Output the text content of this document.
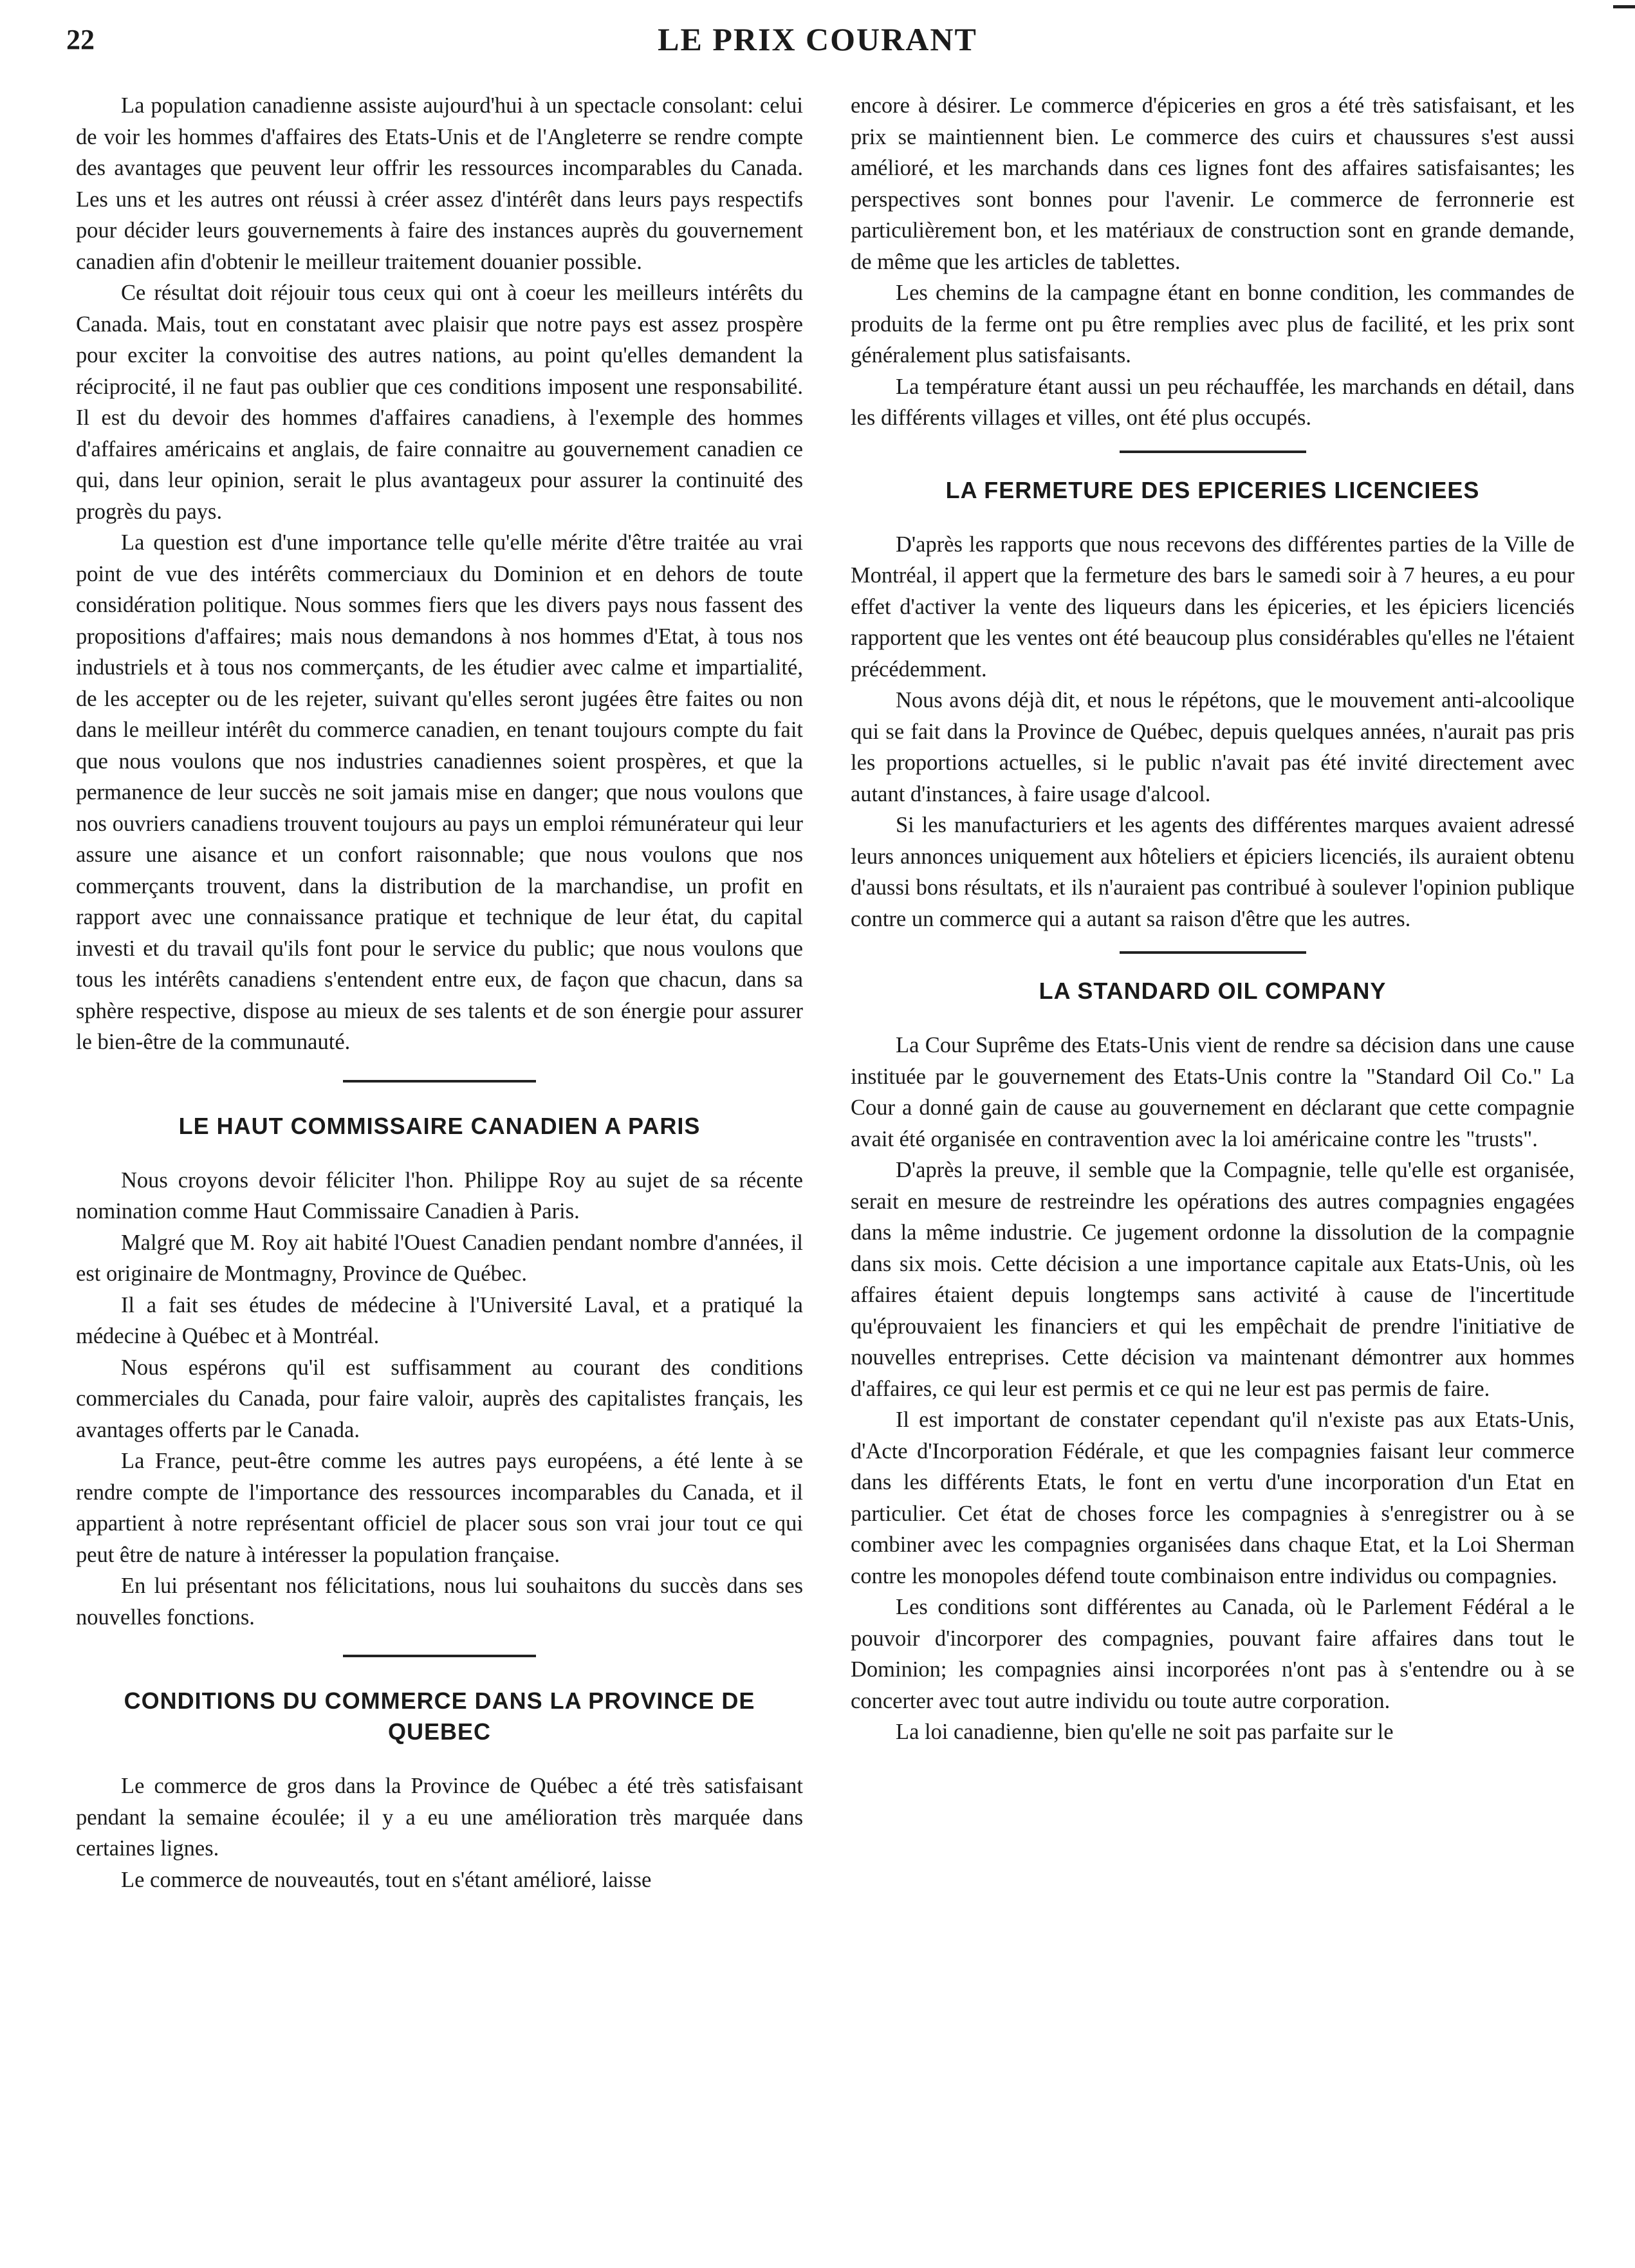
22	LE PRIX COURANT

La population canadienne assiste aujourd'hui à un spectacle consolant: celui de voir les hommes d'affaires des Etats-Unis et de l'Angleterre se rendre compte des avantages que peuvent leur offrir les ressources incomparables du Canada. Les uns et les autres ont réussi à créer assez d'intérêt dans leurs pays respectifs pour décider leurs gouvernements à faire des instances auprès du gouvernement canadien afin d'obtenir le meilleur traitement douanier possible.

Ce résultat doit réjouir tous ceux qui ont à coeur les meilleurs intérêts du Canada. Mais, tout en constatant avec plaisir que notre pays est assez prospère pour exciter la convoitise des autres nations, au point qu'elles demandent la réciprocité, il ne faut pas oublier que ces conditions imposent une responsabilité. Il est du devoir des hommes d'affaires canadiens, à l'exemple des hommes d'affaires américains et anglais, de faire connaitre au gouvernement canadien ce qui, dans leur opinion, serait le plus avantageux pour assurer la continuité des progrès du pays.

La question est d'une importance telle qu'elle mérite d'être traitée au vrai point de vue des intérêts commerciaux du Dominion et en dehors de toute considération politique. Nous sommes fiers que les divers pays nous fassent des propositions d'affaires; mais nous demandons à nos hommes d'Etat, à tous nos industriels et à tous nos commerçants, de les étudier avec calme et impartialité, de les accepter ou de les rejeter, suivant qu'elles seront jugées être faites ou non dans le meilleur intérêt du commerce canadien, en tenant toujours compte du fait que nous voulons que nos industries canadiennes soient prospères, et que la permanence de leur succès ne soit jamais mise en danger; que nous voulons que nos ouvriers canadiens trouvent toujours au pays un emploi rémunérateur qui leur assure une aisance et un confort raisonnable; que nous voulons que nos commerçants trouvent, dans la distribution de la marchandise, un profit en rapport avec une connaissance pratique et technique de leur état, du capital investi et du travail qu'ils font pour le service du public; que nous voulons que tous les intérêts canadiens s'entendent entre eux, de façon que chacun, dans sa sphère respective, dispose au mieux de ses talents et de son énergie pour assurer le bien-être de la communauté.

LE HAUT COMMISSAIRE CANADIEN A PARIS

Nous croyons devoir féliciter l'hon. Philippe Roy au sujet de sa récente nomination comme Haut Commissaire Canadien à Paris.

Malgré que M. Roy ait habité l'Ouest Canadien pendant nombre d'années, il est originaire de Montmagny, Province de Québec.

Il a fait ses études de médecine à l'Université Laval, et a pratiqué la médecine à Québec et à Montréal.

Nous espérons qu'il est suffisamment au courant des conditions commerciales du Canada, pour faire valoir, auprès des capitalistes français, les avantages offerts par le Canada.

La France, peut-être comme les autres pays européens, a été lente à se rendre compte de l'importance des ressources incomparables du Canada, et il appartient à notre représentant officiel de placer sous son vrai jour tout ce qui peut être de nature à intéresser la population française.

En lui présentant nos félicitations, nous lui souhaitons du succès dans ses nouvelles fonctions.

CONDITIONS DU COMMERCE DANS LA PROVINCE DE QUEBEC

Le commerce de gros dans la Province de Québec a été très satisfaisant pendant la semaine écoulée; il y a eu une amélioration très marquée dans certaines lignes.

Le commerce de nouveautés, tout en s'étant amélioré, laisse

encore à désirer. Le commerce d'épiceries en gros a été très satisfaisant, et les prix se maintiennent bien. Le commerce des cuirs et chaussures s'est aussi amélioré, et les marchands dans ces lignes font des affaires satisfaisantes; les perspectives sont bonnes pour l'avenir. Le commerce de ferronnerie est particulièrement bon, et les matériaux de construction sont en grande demande, de même que les articles de tablettes.

Les chemins de la campagne étant en bonne condition, les commandes de produits de la ferme ont pu être remplies avec plus de facilité, et les prix sont généralement plus satisfaisants.

La température étant aussi un peu réchauffée, les marchands en détail, dans les différents villages et villes, ont été plus occupés.

LA FERMETURE DES EPICERIES LICENCIEES

D'après les rapports que nous recevons des différentes parties de la Ville de Montréal, il appert que la fermeture des bars le samedi soir à 7 heures, a eu pour effet d'activer la vente des liqueurs dans les épiceries, et les épiciers licenciés rapportent que les ventes ont été beaucoup plus considérables qu'elles ne l'étaient précédemment.

Nous avons déjà dit, et nous le répétons, que le mouvement anti-alcoolique qui se fait dans la Province de Québec, depuis quelques années, n'aurait pas pris les proportions actuelles, si le public n'avait pas été invité directement avec autant d'instances, à faire usage d'alcool.

Si les manufacturiers et les agents des différentes marques avaient adressé leurs annonces uniquement aux hôteliers et épiciers licenciés, ils auraient obtenu d'aussi bons résultats, et ils n'auraient pas contribué à soulever l'opinion publique contre un commerce qui a autant sa raison d'être que les autres.

LA STANDARD OIL COMPANY

La Cour Suprême des Etats-Unis vient de rendre sa décision dans une cause instituée par le gouvernement des Etats-Unis contre la "Standard Oil Co." La Cour a donné gain de cause au gouvernement en déclarant que cette compagnie avait été organisée en contravention avec la loi américaine contre les "trusts".

D'après la preuve, il semble que la Compagnie, telle qu'elle est organisée, serait en mesure de restreindre les opérations des autres compagnies engagées dans la même industrie. Ce jugement ordonne la dissolution de la compagnie dans six mois. Cette décision a une importance capitale aux Etats-Unis, où les affaires étaient depuis longtemps sans activité à cause de l'incertitude qu'éprouvaient les financiers et qui les empêchait de prendre l'initiative de nouvelles entreprises. Cette décision va maintenant démontrer aux hommes d'affaires, ce qui leur est permis et ce qui ne leur est pas permis de faire.

Il est important de constater cependant qu'il n'existe pas aux Etats-Unis, d'Acte d'Incorporation Fédérale, et que les compagnies faisant leur commerce dans les différents Etats, le font en vertu d'une incorporation d'un Etat en particulier. Cet état de choses force les compagnies à s'enregistrer ou à se combiner avec les compagnies organisées dans chaque Etat, et la Loi Sherman contre les monopoles défend toute combinaison entre individus ou compagnies.

Les conditions sont différentes au Canada, où le Parlement Fédéral a le pouvoir d'incorporer des compagnies, pouvant faire affaires dans tout le Dominion; les compagnies ainsi incorporées n'ont pas à s'entendre ou à se concerter avec tout autre individu ou toute autre corporation.

La loi canadienne, bien qu'elle ne soit pas parfaite sur le
